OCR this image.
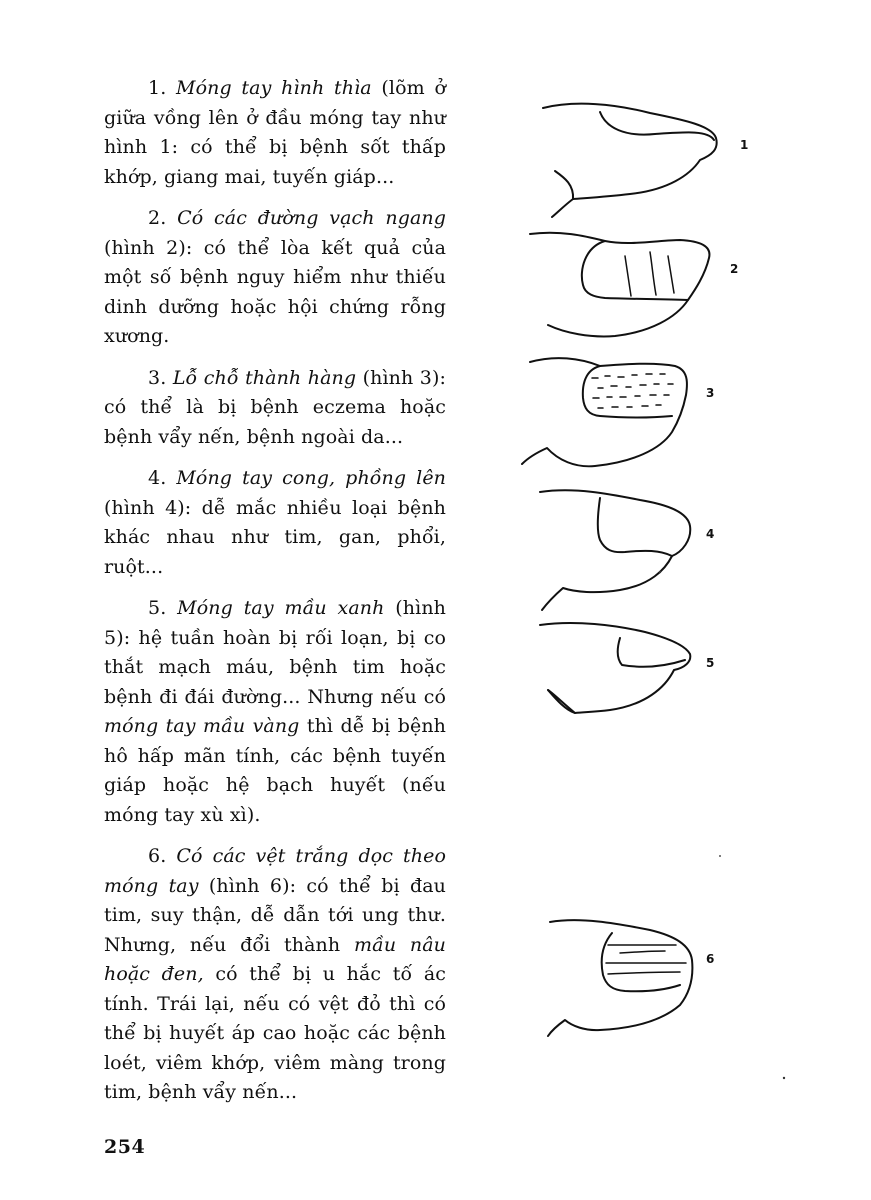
1. Móng tay hình thìa (lõm ở giữa vồng lên ở đầu móng tay như hình 1: có thể bị bệnh sốt thấp khớp, giang mai, tuyến giáp...

2. Có các đường vạch ngang (hình 2): có thể lòa kết quả của một số bệnh nguy hiểm như thiếu dinh dưỡng hoặc hội chứng rỗng xương.

3. Lỗ chỗ thành hàng (hình 3): có thể là bị bệnh eczema hoặc bệnh vẩy nến, bệnh ngoài da...

4. Móng tay cong, phồng lên (hình 4): dễ mắc nhiều loại bệnh khác nhau như tim, gan, phổi, ruột...

5. Móng tay mầu xanh (hình 5): hệ tuần hoàn bị rối loạn, bị co thắt mạch máu, bệnh tim hoặc bệnh đi đái đường... Nhưng nếu có móng tay mầu vàng thì dễ bị bệnh hô hấp mãn tính, các bệnh tuyến giáp hoặc hệ bạch huyết (nếu móng tay xù xì).

6. Có các vệt trắng dọc theo móng tay (hình 6): có thể bị đau tim, suy thận, dễ dẫn tới ung thư. Nhưng, nếu đổi thành mầu nâu hoặc đen, có thể bị u hắc tố ác tính. Trái lại, nếu có vệt đỏ thì có thể bị huyết áp cao hoặc các bệnh loét, viêm khớp, viêm màng trong tim, bệnh vẩy nến...

1
2
3
4
5
6
254
